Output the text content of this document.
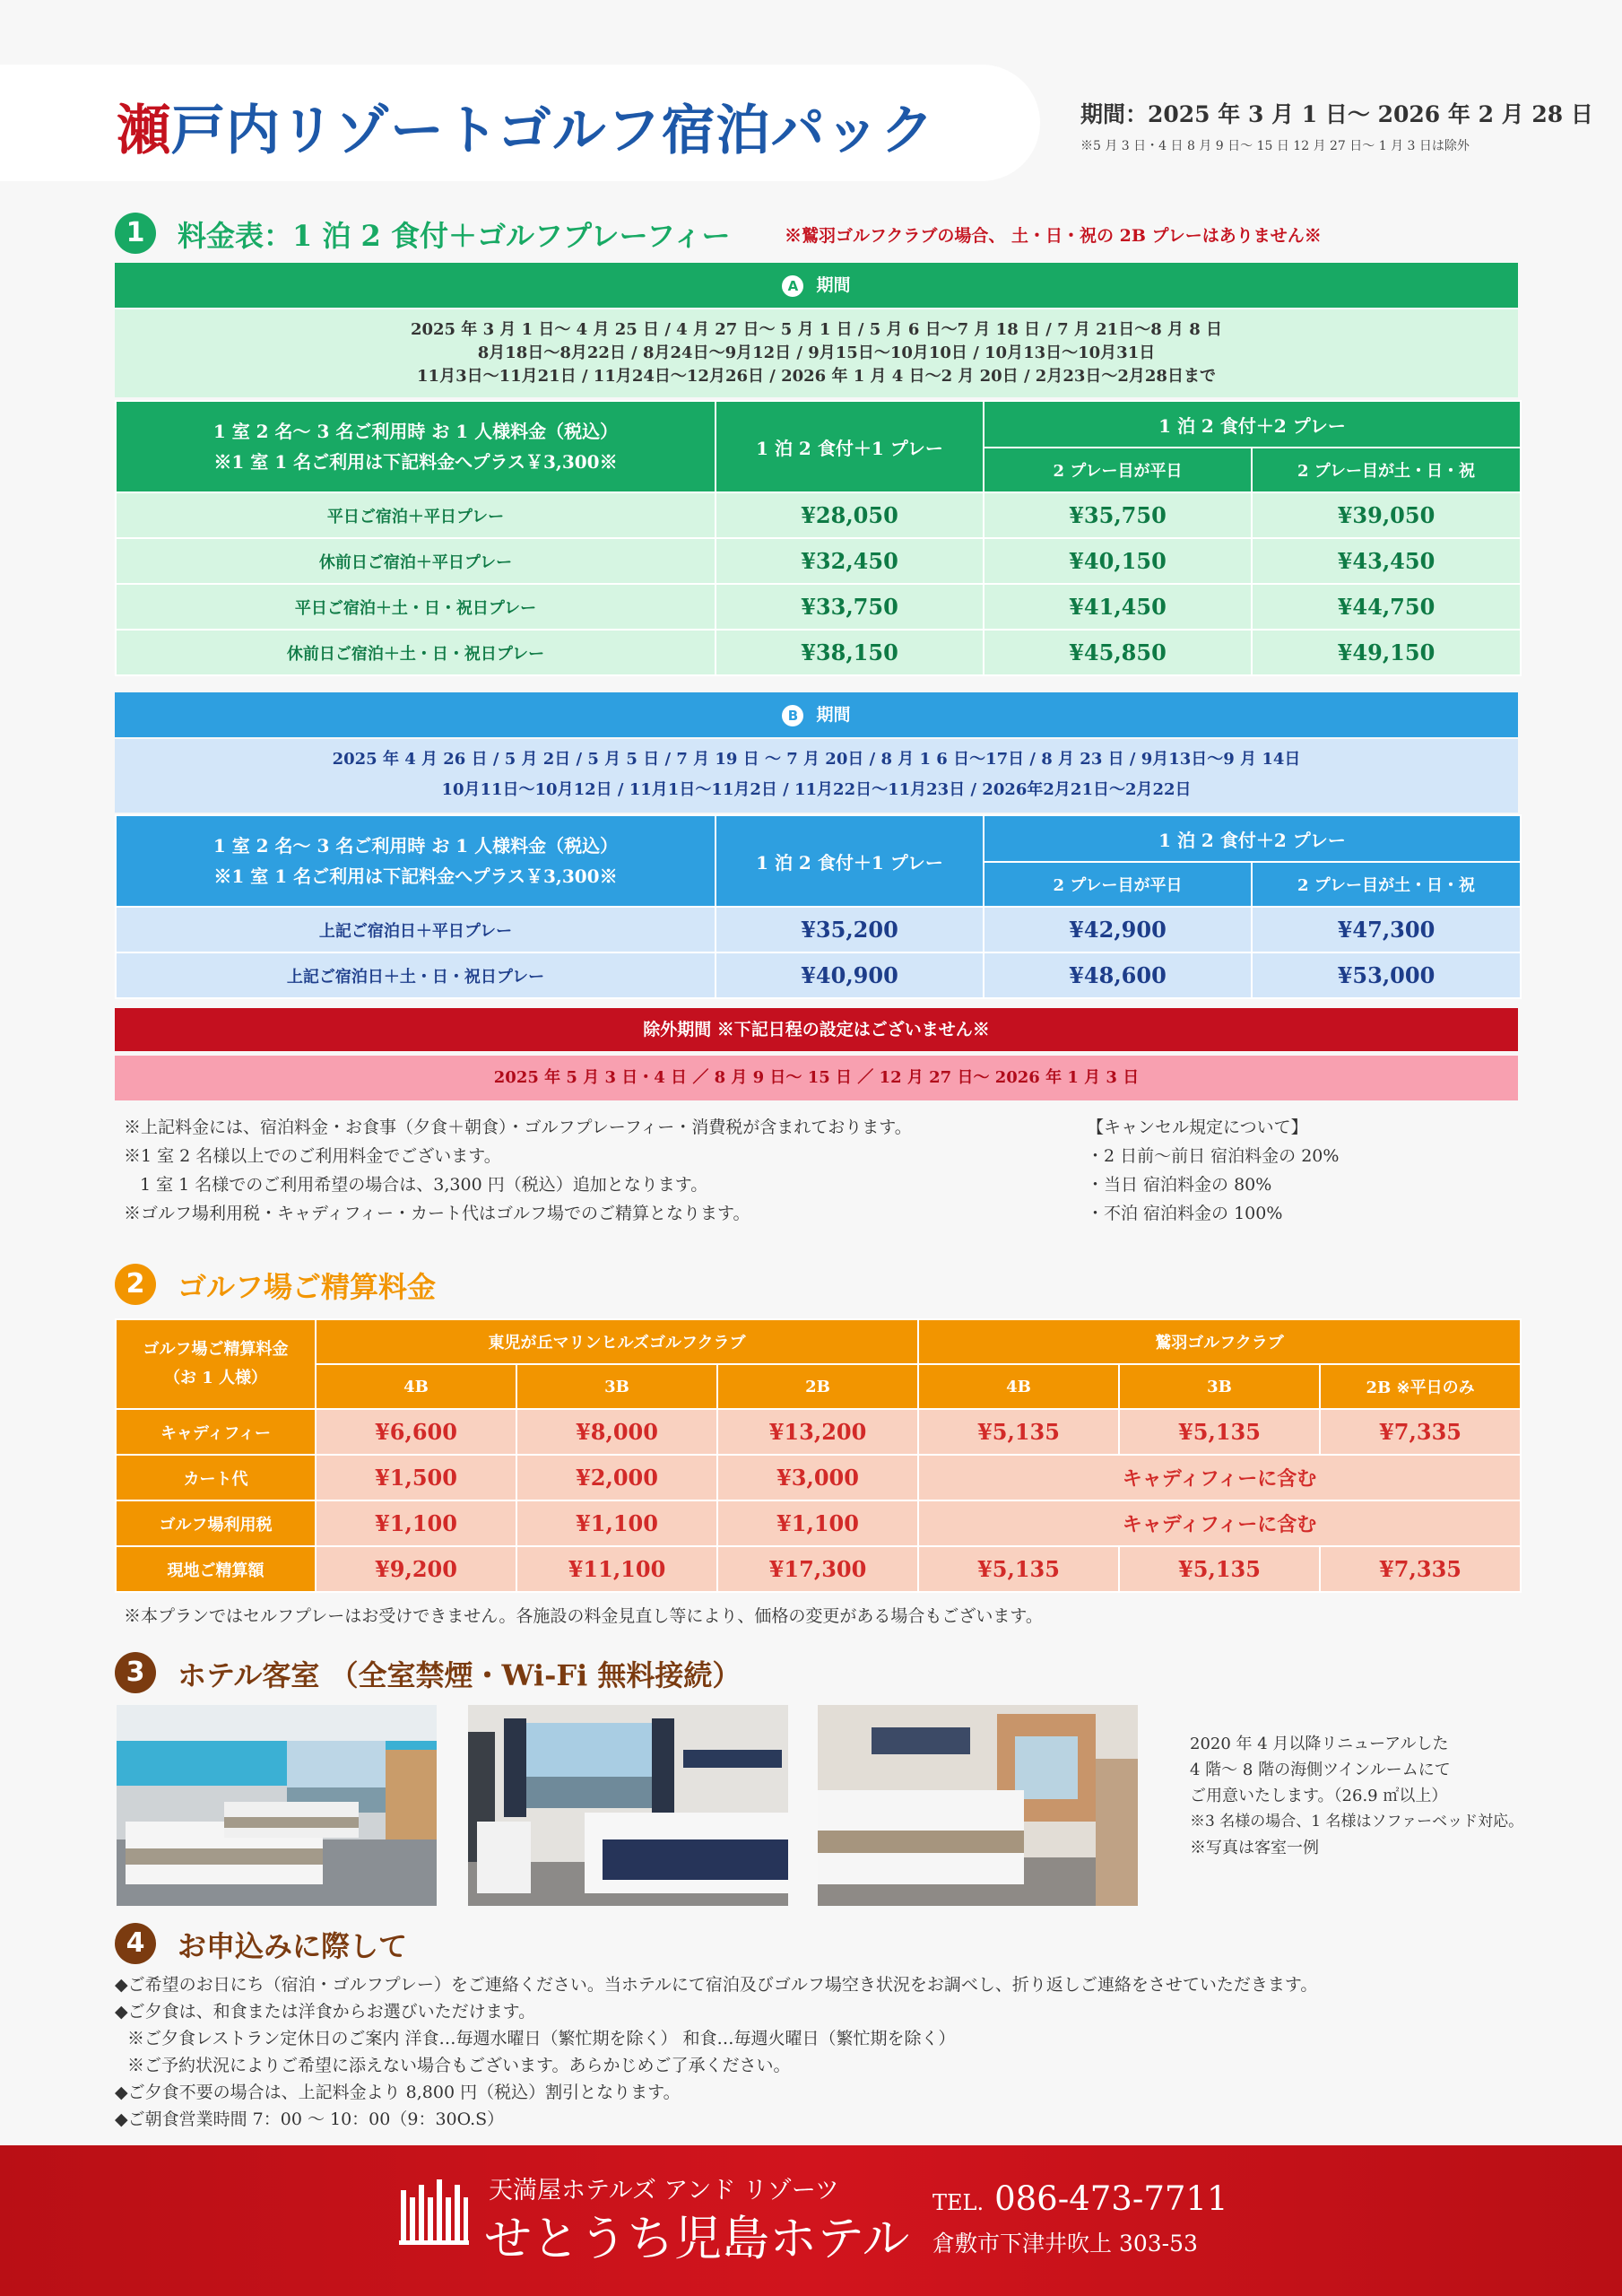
瀬戸内リゾートゴルフ宿泊パック	期間：2025 年 3 月 1 日～ 2026 年 2 月 28 日
※5 月 3 日・4 日 8 月 9 日～ 15 日 12 月 27 日～ 1 月 3 日は除外
1	料金表：1 泊 2 食付＋ゴルフプレーフィー	※鷲羽ゴルフクラブの場合、 土・日・祝の 2B プレーはありません※
A 期間
2025 年 3 月 1 日～ 4 月 25 日 / 4 月 27 日～ 5 月 1 日 / 5 月 6 日～7 月 18 日 / 7 月 21日～8 月 8 日
8月18日～8月22日 / 8月24日～9月12日 / 9月15日～10月10日 / 10月13日～10月31日
11月3日～11月21日 / 11月24日～12月26日 / 2026 年 1 月 4 日～2 月 20日 / 2月23日～2月28日まで
1 室 2 名～ 3 名ご利用時 お 1 人様料金（税込）
※1 室 1 名ご利用は下記料金へプラス￥3,300※	1 泊 2 食付＋1 プレー	1 泊 2 食付＋2 プレー	
		2 プレー目が平日	2 プレー目が土・日・祝
平日ご宿泊＋平日プレー	¥28,050	¥35,750	¥39,050
休前日ご宿泊＋平日プレー	¥32,450	¥40,150	¥43,450
平日ご宿泊＋土・日・祝日プレー	¥33,750	¥41,450	¥44,750
休前日ご宿泊＋土・日・祝日プレー	¥38,150	¥45,850	¥49,150
B 期間
2025 年 4 月 26 日 / 5 月 2日 / 5 月 5 日 / 7 月 19 日 ～ 7 月 20日 / 8 月 1 6 日～17日 / 8 月 23 日 / 9月13日～9 月 14日
10月11日～10月12日 / 11月1日～11月2日 / 11月22日～11月23日 / 2026年2月21日～2月22日
1 室 2 名～ 3 名ご利用時 お 1 人様料金（税込）
※1 室 1 名ご利用は下記料金へプラス￥3,300※	1 泊 2 食付＋1 プレー	1 泊 2 食付＋2 プレー	
		2 プレー目が平日	2 プレー目が土・日・祝
上記ご宿泊日＋平日プレー	¥35,200	¥42,900	¥47,300
上記ご宿泊日＋土・日・祝日プレー	¥40,900	¥48,600	¥53,000
除外期間 ※下記日程の設定はございません※
2025 年 5 月 3 日・4 日 ／ 8 月 9 日～ 15 日 ／ 12 月 27 日～ 2026 年 1 月 3 日
※上記料金には、宿泊料金・お食事（夕食＋朝食）・ゴルフプレーフィー・消費税が含まれております。
※1 室 2 名様以上でのご利用料金でございます。
1 室 1 名様でのご利用希望の場合は、3,300 円（税込）追加となります。
※ゴルフ場利用税・キャディフィー・カート代はゴルフ場でのご精算となります。
【キャンセル規定について】
・2 日前～前日 宿泊料金の 20%
・当日 宿泊料金の 80%
・不泊 宿泊料金の 100%
2	ゴルフ場ご精算料金
ゴルフ場ご精算料金
（お 1 人様）	東児が丘マリンヒルズゴルフクラブ			鷲羽ゴルフクラブ		
	4B	3B	2B	4B	3B	2B ※平日のみ
キャディフィー	¥6,600	¥8,000	¥13,200	¥5,135	¥5,135	¥7,335
カート代	¥1,500	¥2,000	¥3,000	キャディフィーに含む		
ゴルフ場利用税	¥1,100	¥1,100	¥1,100	キャディフィーに含む		
現地ご精算額	¥9,200	¥11,100	¥17,300	¥5,135	¥5,135	¥7,335
※本プランではセルフプレーはお受けできません。各施設の料金見直し等により、価格の変更がある場合もございます。
3	ホテル客室 （全室禁煙・Wi-Fi 無料接続）
2020 年 4 月以降リニューアルした
4 階～ 8 階の海側ツインルームにて
ご用意いたします。（26.9 ㎡以上）
※3 名様の場合、1 名様はソファーベッド対応。
※写真は客室一例
4	お申込みに際して
◆ご希望のお日にち（宿泊・ゴルフプレー）をご連絡ください。当ホテルにて宿泊及びゴルフ場空き状況をお調べし、折り返しご連絡をさせていただきます。
◆ご夕食は、和食または洋食からお選びいただけます。
※ご夕食レストラン定休日のご案内 洋食…毎週水曜日（繁忙期を除く） 和食…毎週火曜日（繁忙期を除く）
※ご予約状況によりご希望に添えない場合もございます。あらかじめご了承ください。
◆ご夕食不要の場合は、上記料金より 8,800 円（税込）割引となります。
◆ご朝食営業時間 7：00 ～ 10：00（9：30O.S）
天満屋ホテルズ アンド リゾーツ
せとうち児島ホテル
TEL. 086-473-7711
倉敷市下津井吹上 303-53
